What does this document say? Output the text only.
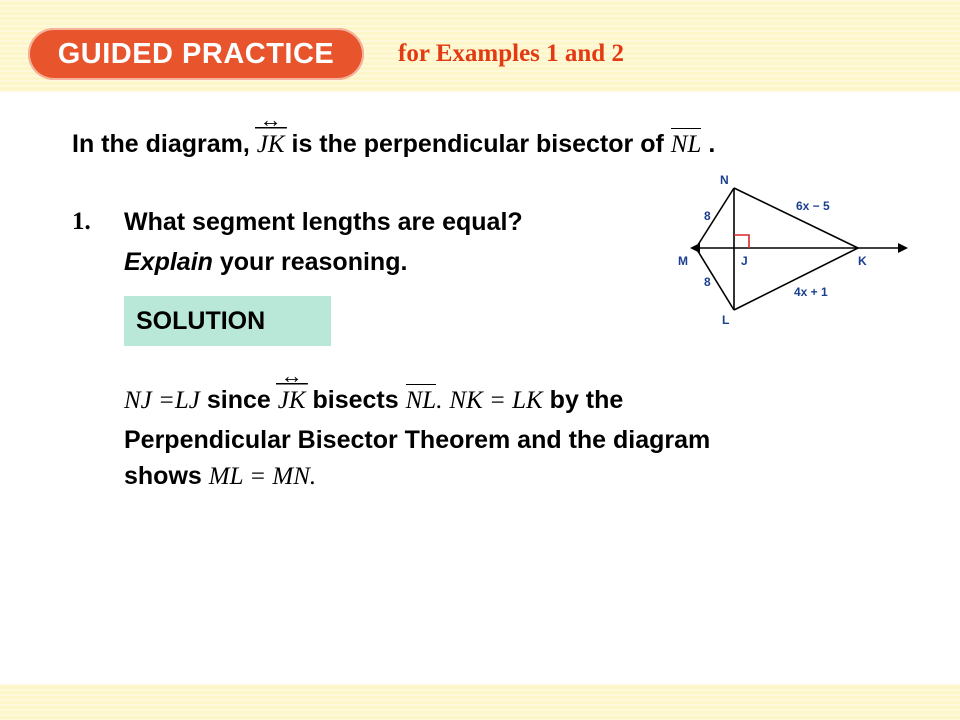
GUIDED PRACTICE	for Examples 1 and 2
In the diagram, JK ↔ is the perpendicular bisector of NL .
1. What segment lengths are equal?
Explain your reasoning.
SOLUTION
NJ =LJ since JK ↔ bisects NL. NK = LK by the
Perpendicular Bisector Theorem and the diagram
shows ML = MN.
N
M	J	K
L
8
8
6x − 5
4x + 1
